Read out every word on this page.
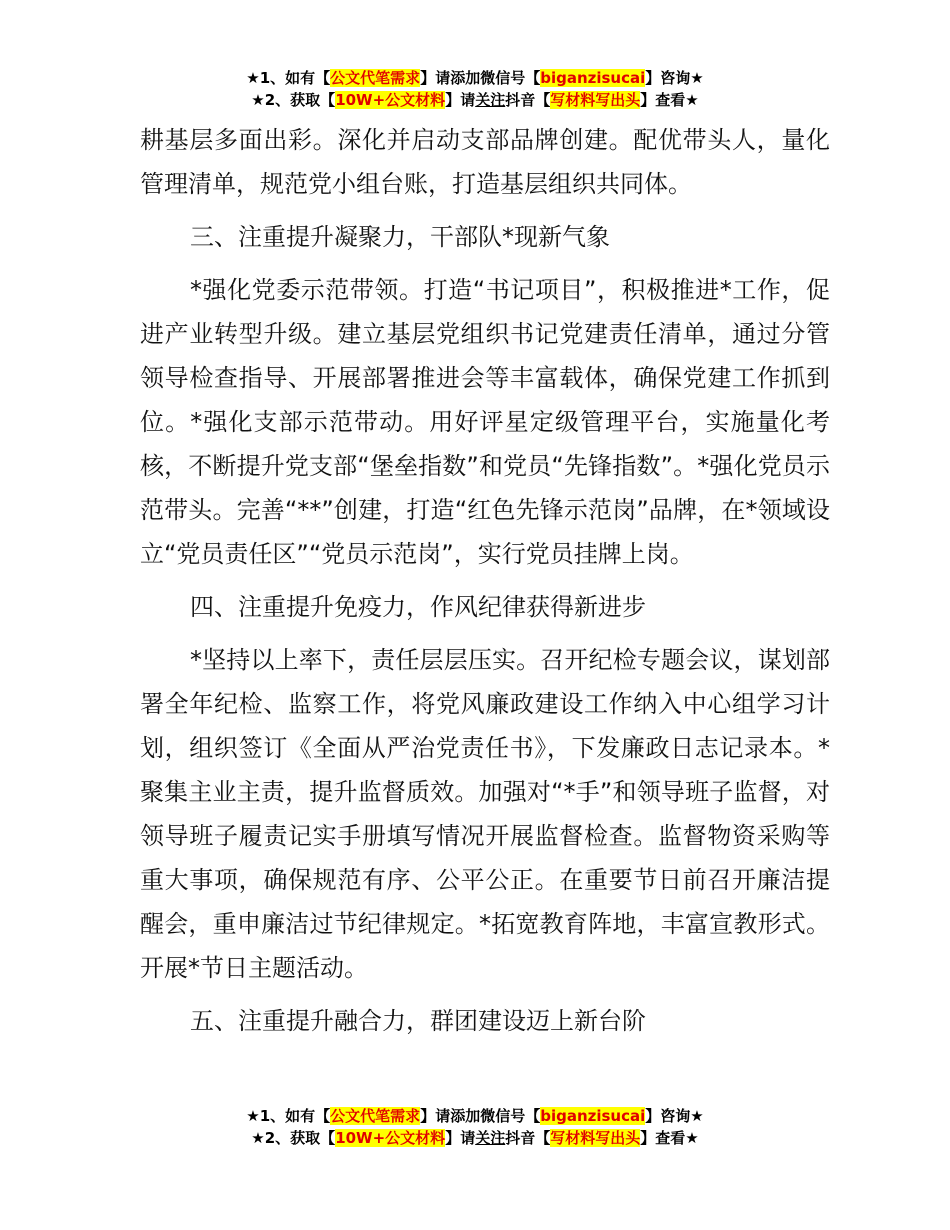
★1、如有【公文代笔需求】请添加微信号【biganzisucai】咨询★
★2、获取【10W+公文材料】请关注抖音【写材料写出头】查看★

耕基层多面出彩。深化并启动支部品牌创建。配优带头人，量化管理清单，规范党小组台账，打造基层组织共同体。

三、注重提升凝聚力，干部队*现新气象

*强化党委示范带领。打造“书记项目”，积极推进*工作，促进产业转型升级。建立基层党组织书记党建责任清单，通过分管领导检查指导、开展部署推进会等丰富载体，确保党建工作抓到位。*强化支部示范带动。用好评星定级管理平台，实施量化考核，不断提升党支部“堡垒指数”和党员“先锋指数”。*强化党员示范带头。完善“**”创建，打造“红色先锋示范岗”品牌，在*领域设立“党员责任区”“党员示范岗”，实行党员挂牌上岗。

四、注重提升免疫力，作风纪律获得新进步

*坚持以上率下，责任层层压实。召开纪检专题会议，谋划部署全年纪检、监察工作，将党风廉政建设工作纳入中心组学习计划，组织签订《全面从严治党责任书》，下发廉政日志记录本。*聚集主业主责，提升监督质效。加强对“*手”和领导班子监督，对领导班子履责记实手册填写情况开展监督检查。监督物资采购等重大事项，确保规范有序、公平公正。在重要节日前召开廉洁提醒会，重申廉洁过节纪律规定。*拓宽教育阵地，丰富宣教形式。开展*节日主题活动。

五、注重提升融合力，群团建设迈上新台阶

★1、如有【公文代笔需求】请添加微信号【biganzisucai】咨询★
★2、获取【10W+公文材料】请关注抖音【写材料写出头】查看★
